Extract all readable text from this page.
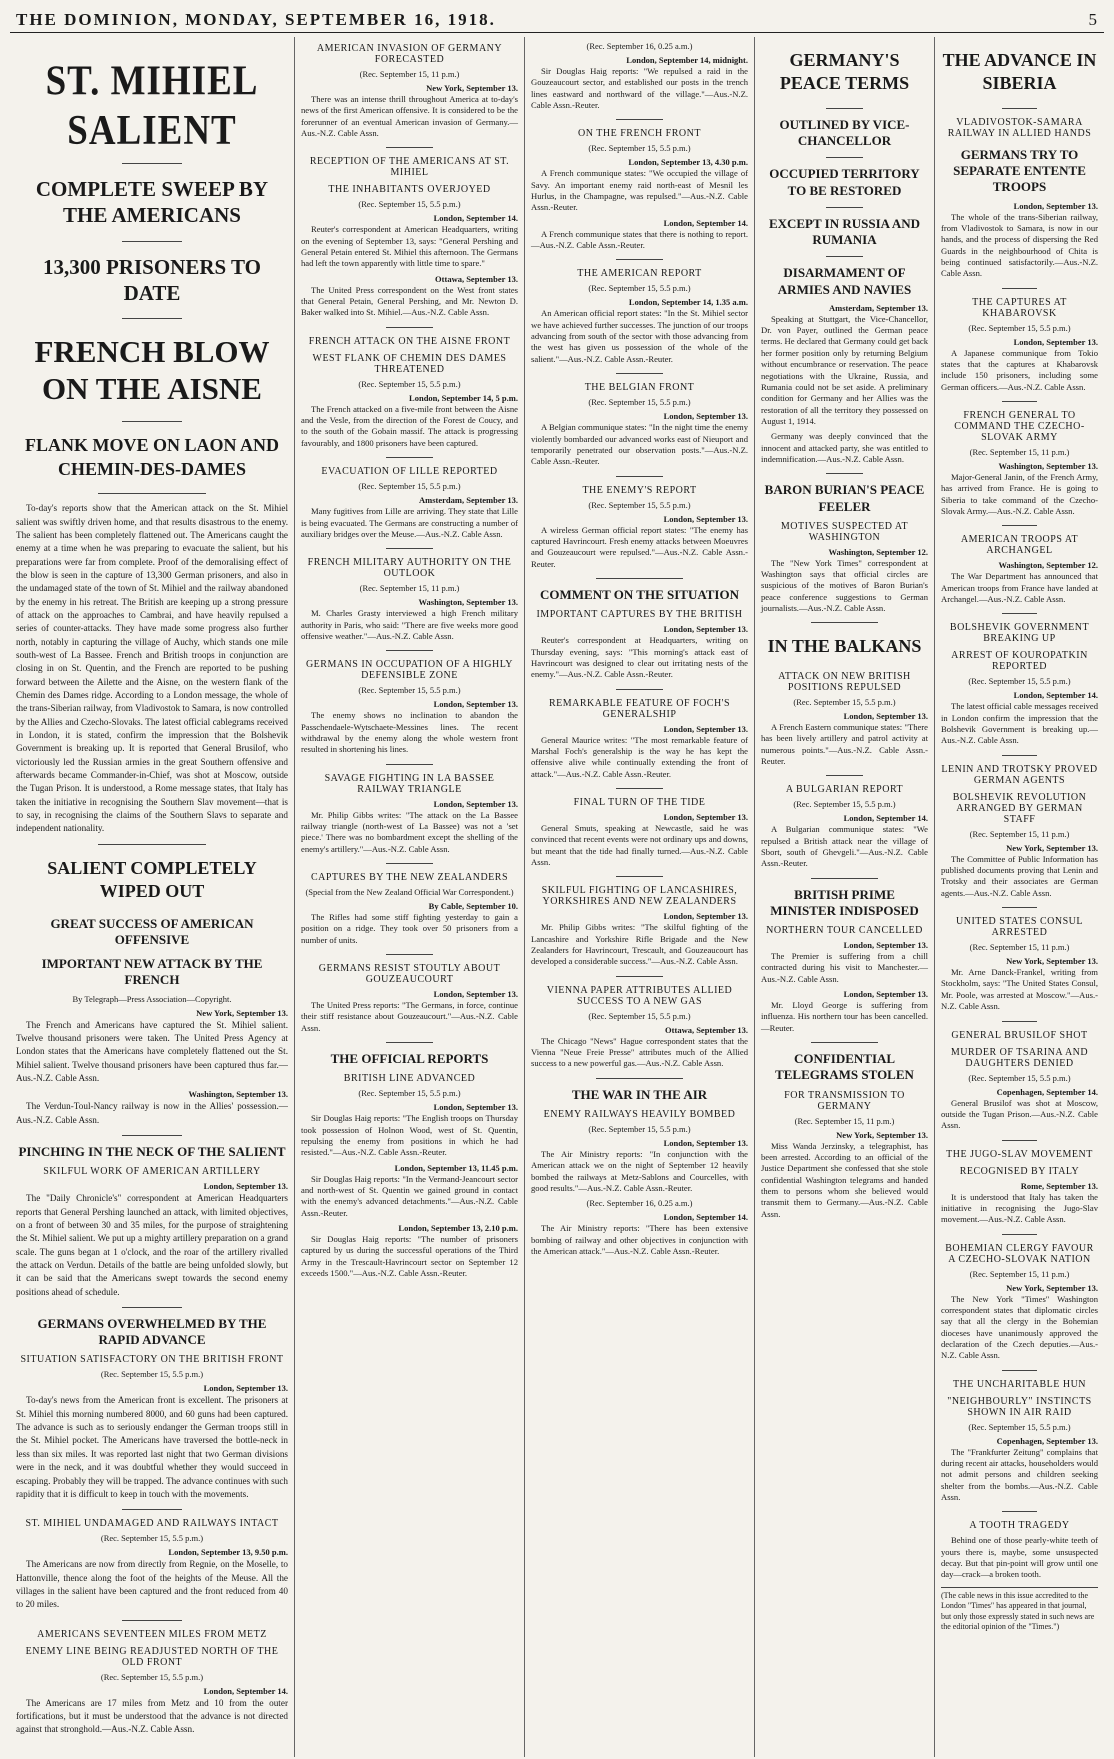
THE DOMINION, MONDAY, SEPTEMBER 16, 1918.	5
ST. MIHIEL SALIENT
COMPLETE SWEEP BY THE AMERICANS
13,300 PRISONERS TO DATE
FRENCH BLOW ON THE AISNE
FLANK MOVE ON LAON AND CHEMIN-DES-DAMES

To-day's reports show that the American attack on the St. Mihiel salient was swiftly driven home, and that results disastrous to the enemy. The salient has been completely flattened out. The Americans caught the enemy at a time when he was preparing to evacuate the salient, but his preparations were far from complete. Proof of the demoralising effect of the blow is seen in the capture of 13,300 German prisoners, and also in the undamaged state of the town of St. Mihiel and the railway abandoned by the enemy in his retreat. The British are keeping up a strong pressure of attack on the approaches to Cambrai, and have heavily repulsed a series of counter-attacks. They have made some progress also further north, notably in capturing the village of Auchy, which stands one mile south-west of La Bassee. French and British troops in conjunction are closing in on St. Quentin, and the French are reported to be pushing forward between the Ailette and the Aisne, on the western flank of the Chemin des Dames ridge. According to a London message, the whole of the trans-Siberian railway, from Vladivostok to Samara, is now controlled by the Allies and Czecho-Slovaks. The latest official cablegrams received in London, it is stated, confirm the impression that the Bolshevik Government is breaking up. It is reported that General Brusilof, who victoriously led the Russian armies in the great Southern offensive and afterwards became Commander-in-Chief, was shot at Moscow, outside the Tugan Prison. It is understood, a Rome message states, that Italy has taken the initiative in recognising the Southern Slav movement—that is to say, in recognising the claims of the Southern Slavs to separate and independent nationality.

SALIENT COMPLETELY WIPED OUT
GREAT SUCCESS OF AMERICAN OFFENSIVE
IMPORTANT NEW ATTACK BY THE FRENCH
By Telegraph—Press Association—Copyright.
New York, September 13.

The French and Americans have captured the St. Mihiel salient. Twelve thousand prisoners were taken. The United Press Agency at London states that the Americans have completely flattened out the St. Mihiel salient. Twelve thousand prisoners have been captured thus far.—Aus.-N.Z. Cable Assn.

Washington, September 13.

The Verdun-Toul-Nancy railway is now in the Allies' possession.—Aus.-N.Z. Cable Assn.

PINCHING IN THE NECK OF THE SALIENT
SKILFUL WORK OF AMERICAN ARTILLERY
London, September 13.

The "Daily Chronicle's" correspondent at American Headquarters reports that General Pershing launched an attack, with limited objectives, on a front of between 30 and 35 miles, for the purpose of straightening the St. Mihiel salient. We put up a mighty artillery preparation on a grand scale. The guns began at 1 o'clock, and the roar of the artillery rivalled the attack on Verdun. Details of the battle are being unfolded slowly, but it can be said that the Americans swept towards the second enemy positions ahead of schedule.

GERMANS OVERWHELMED BY THE RAPID ADVANCE
SITUATION SATISFACTORY ON THE BRITISH FRONT
(Rec. September 15, 5.5 p.m.)
London, September 13.

To-day's news from the American front is excellent. The prisoners at St. Mihiel this morning numbered 8000, and 60 guns had been captured. The advance is such as to seriously endanger the German troops still in the St. Mihiel pocket. The Americans have traversed the bottle-neck in less than six miles. It was reported last night that two German divisions were in the neck, and it was doubtful whether they would succeed in escaping. Probably they will be trapped. The advance continues with such rapidity that it is difficult to keep in touch with the movements.

ST. MIHIEL UNDAMAGED AND RAILWAYS INTACT
(Rec. September 15, 5.5 p.m.)
London, September 13, 9.50 p.m.

The Americans are now from directly from Regnie, on the Moselle, to Hattonville, thence along the foot of the heights of the Meuse. All the villages in the salient have been captured and the front reduced from 40 to 20 miles.

AMERICANS SEVENTEEN MILES FROM METZ
ENEMY LINE BEING READJUSTED NORTH OF THE OLD FRONT
(Rec. September 15, 5.5 p.m.)
London, September 14.

The Americans are 17 miles from Metz and 10 from the outer fortifications, but it must be understood that the advance is not directed against that stronghold.—Aus.-N.Z. Cable Assn.

AMERICAN INVASION OF GERMANY FORECASTED
(Rec. September 15, 11 p.m.)
New York, September 13.

There was an intense thrill throughout America at to-day's news of the first American offensive. It is considered to be the forerunner of an eventual American invasion of Germany.—Aus.-N.Z. Cable Assn.

RECEPTION OF THE AMERICANS AT ST. MIHIEL
THE INHABITANTS OVERJOYED
(Rec. September 15, 5.5 p.m.)
London, September 14.

Reuter's correspondent at American Headquarters, writing on the evening of September 13, says: "General Pershing and General Petain entered St. Mihiel this afternoon. The Germans had left the town apparently with little time to spare."

Ottawa, September 13.

The United Press correspondent on the West front states that General Petain, General Pershing, and Mr. Newton D. Baker walked into St. Mihiel.—Aus.-N.Z. Cable Assn.

FRENCH ATTACK ON THE AISNE FRONT
WEST FLANK OF CHEMIN DES DAMES THREATENED
(Rec. September 15, 5.5 p.m.)
London, September 14, 5 p.m.

The French attacked on a five-mile front between the Aisne and the Vesle, from the direction of the Forest de Coucy, and to the south of the Gobain massif. The attack is progressing favourably, and 1800 prisoners have been captured.

EVACUATION OF LILLE REPORTED
(Rec. September 15, 5.5 p.m.)
Amsterdam, September 13.

Many fugitives from Lille are arriving. They state that Lille is being evacuated. The Germans are constructing a number of auxiliary bridges over the Meuse.—Aus.-N.Z. Cable Assn.

FRENCH MILITARY AUTHORITY ON THE OUTLOOK
(Rec. September 15, 11 p.m.)
Washington, September 13.

M. Charles Grasty interviewed a high French military authority in Paris, who said: "There are five weeks more good offensive weather."—Aus.-N.Z. Cable Assn.

GERMANS IN OCCUPATION OF A HIGHLY DEFENSIBLE ZONE
(Rec. September 15, 5.5 p.m.)
London, September 13.

The enemy shows no inclination to abandon the Passchendaele-Wytschaete-Messines lines. The recent withdrawal by the enemy along the whole western front resulted in shortening his lines.

SAVAGE FIGHTING IN LA BASSEE RAILWAY TRIANGLE
London, September 13.

Mr. Philip Gibbs writes: "The attack on the La Bassee railway triangle (north-west of La Bassee) was not a 'set piece.' There was no bombardment except the shelling of the enemy's artillery."—Aus.-N.Z. Cable Assn.

CAPTURES BY THE NEW ZEALANDERS
(Special from the New Zealand Official War Correspondent.)
By Cable, September 10.

The Rifles had some stiff fighting yesterday to gain a position on a ridge. They took over 50 prisoners from a number of units.

GERMANS RESIST STOUTLY ABOUT GOUZEAUCOURT
London, September 13.

The United Press reports: "The Germans, in force, continue their stiff resistance about Gouzeaucourt."—Aus.-N.Z. Cable Assn.

THE OFFICIAL REPORTS
BRITISH LINE ADVANCED
(Rec. September 15, 5.5 p.m.)
London, September 13.

Sir Douglas Haig reports: "The English troops on Thursday took possession of Holnon Wood, west of St. Quentin, repulsing the enemy from positions in which he had resisted."—Aus.-N.Z. Cable Assn.-Reuter.

London, September 13, 11.45 p.m.

Sir Douglas Haig reports: "In the Vermand-Jeancourt sector and north-west of St. Quentin we gained ground in contact with the enemy's advanced detachments."—Aus.-N.Z. Cable Assn.-Reuter.

London, September 13, 2.10 p.m.

Sir Douglas Haig reports: "The number of prisoners captured by us during the successful operations of the Third Army in the Trescault-Havrincourt sector on September 12 exceeds 1500."—Aus.-N.Z. Cable Assn.-Reuter.

(Rec. September 16, 0.25 a.m.)
London, September 14, midnight.

Sir Douglas Haig reports: "We repulsed a raid in the Gouzeaucourt sector, and established our posts in the trench lines eastward and northward of the village."—Aus.-N.Z. Cable Assn.-Reuter.

ON THE FRENCH FRONT
(Rec. September 15, 5.5 p.m.)
London, September 13, 4.30 p.m.

A French communique states: "We occupied the village of Savy. An important enemy raid north-east of Mesnil les Hurlus, in the Champagne, was repulsed."—Aus.-N.Z. Cable Assn.-Reuter.

London, September 14.

A French communique states that there is nothing to report.—Aus.-N.Z. Cable Assn.-Reuter.

THE AMERICAN REPORT
(Rec. September 15, 5.5 p.m.)
London, September 14, 1.35 a.m.

An American official report states: "In the St. Mihiel sector we have achieved further successes. The junction of our troops advancing from south of the sector with those advancing from the west has given us possession of the whole of the salient."—Aus.-N.Z. Cable Assn.-Reuter.

THE BELGIAN FRONT
(Rec. September 15, 5.5 p.m.)
London, September 13.

A Belgian communique states: "In the night time the enemy violently bombarded our advanced works east of Nieuport and temporarily penetrated our observation posts."—Aus.-N.Z. Cable Assn.-Reuter.

THE ENEMY'S REPORT
(Rec. September 15, 5.5 p.m.)
London, September 13.

A wireless German official report states: "The enemy has captured Havrincourt. Fresh enemy attacks between Moeuvres and Gouzeaucourt were repulsed."—Aus.-N.Z. Cable Assn.-Reuter.

COMMENT ON THE SITUATION
IMPORTANT CAPTURES BY THE BRITISH
London, September 13.

Reuter's correspondent at Headquarters, writing on Thursday evening, says: "This morning's attack east of Havrincourt was designed to clear out irritating nests of the enemy."—Aus.-N.Z. Cable Assn.-Reuter.

REMARKABLE FEATURE OF FOCH'S GENERALSHIP
London, September 13.

General Maurice writes: "The most remarkable feature of Marshal Foch's generalship is the way he has kept the offensive alive while continually extending the front of attack."—Aus.-N.Z. Cable Assn.-Reuter.

FINAL TURN OF THE TIDE
London, September 13.

General Smuts, speaking at Newcastle, said he was convinced that recent events were not ordinary ups and downs, but meant that the tide had finally turned.—Aus.-N.Z. Cable Assn.

SKILFUL FIGHTING OF LANCASHIRES, YORKSHIRES AND NEW ZEALANDERS
London, September 13.

Mr. Philip Gibbs writes: "The skilful fighting of the Lancashire and Yorkshire Rifle Brigade and the New Zealanders for Havrincourt, Trescault, and Gouzeaucourt has developed a considerable success."—Aus.-N.Z. Cable Assn.

VIENNA PAPER ATTRIBUTES ALLIED SUCCESS TO A NEW GAS
(Rec. September 15, 5.5 p.m.)
Ottawa, September 13.

The Chicago "News" Hague correspondent states that the Vienna "Neue Freie Presse" attributes much of the Allied success to a new powerful gas.—Aus.-N.Z. Cable Assn.

THE WAR IN THE AIR
ENEMY RAILWAYS HEAVILY BOMBED
(Rec. September 15, 5.5 p.m.)
London, September 13.

The Air Ministry reports: "In conjunction with the American attack we on the night of September 12 heavily bombed the railways at Metz-Sablons and Courcelles, with good results."—Aus.-N.Z. Cable Assn.-Reuter.

(Rec. September 16, 0.25 a.m.)
London, September 14.

The Air Ministry reports: "There has been extensive bombing of railway and other objectives in conjunction with the American attack."—Aus.-N.Z. Cable Assn.-Reuter.

GERMANY'S PEACE TERMS
OUTLINED BY VICE-CHANCELLOR
OCCUPIED TERRITORY TO BE RESTORED
EXCEPT IN RUSSIA AND RUMANIA
DISARMAMENT OF ARMIES AND NAVIES
Amsterdam, September 13.

Speaking at Stuttgart, the Vice-Chancellor, Dr. von Payer, outlined the German peace terms. He declared that Germany could get back her former position only by returning Belgium without encumbrance or reservation. The peace negotiations with the Ukraine, Russia, and Rumania could not be set aside. A preliminary condition for Germany and her Allies was the restoration of all the territory they possessed on August 1, 1914.

Germany was deeply convinced that the innocent and attacked party, she was entitled to indemnification.—Aus.-N.Z. Cable Assn.

BARON BURIAN'S PEACE FEELER
MOTIVES SUSPECTED AT WASHINGTON
Washington, September 12.

The "New York Times" correspondent at Washington says that official circles are suspicious of the motives of Baron Burian's peace conference suggestions to German journalists.—Aus.-N.Z. Cable Assn.

IN THE BALKANS
ATTACK ON NEW BRITISH POSITIONS REPULSED
(Rec. September 15, 5.5 p.m.)
London, September 13.

A French Eastern communique states: "There has been lively artillery and patrol activity at numerous points."—Aus.-N.Z. Cable Assn.-Reuter.

A BULGARIAN REPORT
(Rec. September 15, 5.5 p.m.)
London, September 14.

A Bulgarian communique states: "We repulsed a British attack near the village of Sbort, south of Ghevgeli."—Aus.-N.Z. Cable Assn.-Reuter.

BRITISH PRIME MINISTER INDISPOSED
NORTHERN TOUR CANCELLED
London, September 13.

The Premier is suffering from a chill contracted during his visit to Manchester.—Aus.-N.Z. Cable Assn.

London, September 13.

Mr. Lloyd George is suffering from influenza. His northern tour has been cancelled.—Reuter.

CONFIDENTIAL TELEGRAMS STOLEN
FOR TRANSMISSION TO GERMANY
(Rec. September 15, 11 p.m.)
New York, September 13.

Miss Wanda Jerzinsky, a telegraphist, has been arrested. According to an official of the Justice Department she confessed that she stole confidential Washington telegrams and handed them to persons whom she believed would transmit them to Germany.—Aus.-N.Z. Cable Assn.

THE ADVANCE IN SIBERIA
VLADIVOSTOK-SAMARA RAILWAY IN ALLIED HANDS
GERMANS TRY TO SEPARATE ENTENTE TROOPS
London, September 13.

The whole of the trans-Siberian railway, from Vladivostok to Samara, is now in our hands, and the process of dispersing the Red Guards in the neighbourhood of Chita is being continued satisfactorily.—Aus.-N.Z. Cable Assn.

THE CAPTURES AT KHABAROVSK
(Rec. September 15, 5.5 p.m.)
London, September 13.

A Japanese communique from Tokio states that the captures at Khabarovsk include 150 prisoners, including some German officers.—Aus.-N.Z. Cable Assn.

FRENCH GENERAL TO COMMAND THE CZECHO-SLOVAK ARMY
(Rec. September 15, 11 p.m.)
Washington, September 13.

Major-General Janin, of the French Army, has arrived from France. He is going to Siberia to take command of the Czecho-Slovak Army.—Aus.-N.Z. Cable Assn.

AMERICAN TROOPS AT ARCHANGEL
Washington, September 12.

The War Department has announced that American troops from France have landed at Archangel.—Aus.-N.Z. Cable Assn.

BOLSHEVIK GOVERNMENT BREAKING UP
ARREST OF KOUROPATKIN REPORTED
(Rec. September 15, 5.5 p.m.)
London, September 14.

The latest official cable messages received in London confirm the impression that the Bolshevik Government is breaking up.—Aus.-N.Z. Cable Assn.

LENIN AND TROTSKY PROVED GERMAN AGENTS
BOLSHEVIK REVOLUTION ARRANGED BY GERMAN STAFF
(Rec. September 15, 11 p.m.)
New York, September 13.

The Committee of Public Information has published documents proving that Lenin and Trotsky and their associates are German agents.—Aus.-N.Z. Cable Assn.

UNITED STATES CONSUL ARRESTED
(Rec. September 15, 11 p.m.)
New York, September 13.

Mr. Arne Danck-Frankel, writing from Stockholm, says: "The United States Consul, Mr. Poole, was arrested at Moscow."—Aus.-N.Z. Cable Assn.

GENERAL BRUSILOF SHOT
MURDER OF TSARINA AND DAUGHTERS DENIED
(Rec. September 15, 5.5 p.m.)
Copenhagen, September 14.

General Brusilof was shot at Moscow, outside the Tugan Prison.—Aus.-N.Z. Cable Assn.

THE JUGO-SLAV MOVEMENT
RECOGNISED BY ITALY
Rome, September 13.

It is understood that Italy has taken the initiative in recognising the Jugo-Slav movement.—Aus.-N.Z. Cable Assn.

BOHEMIAN CLERGY FAVOUR A CZECHO-SLOVAK NATION
(Rec. September 15, 11 p.m.)
New York, September 13.

The New York "Times" Washington correspondent states that diplomatic circles say that all the clergy in the Bohemian dioceses have unanimously approved the declaration of the Czech deputies.—Aus.-N.Z. Cable Assn.

THE UNCHARITABLE HUN
"NEIGHBOURLY" INSTINCTS SHOWN IN AIR RAID
(Rec. September 15, 5.5 p.m.)
Copenhagen, September 13.

The "Frankfurter Zeitung" complains that during recent air attacks, householders would not admit persons and children seeking shelter from the bombs.—Aus.-N.Z. Cable Assn.

A TOOTH TRAGEDY

Behind one of those pearly-white teeth of yours there is, maybe, some unsuspected decay. But that pin-point will grow until one day—crack—a broken tooth.

(The cable news in this issue accredited to the London "Times" has appeared in that journal, but only those expressly stated in such news are the editorial opinion of the "Times.")
